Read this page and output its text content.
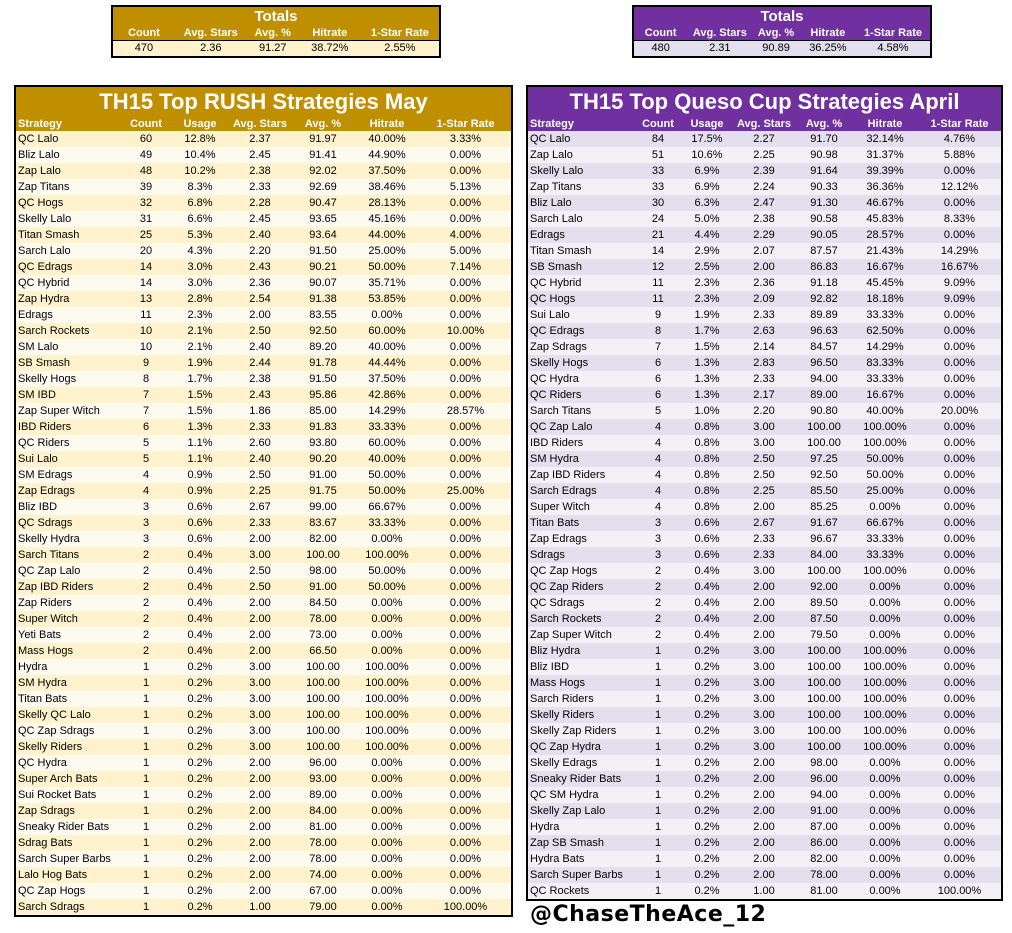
Totals
Count	Avg. Stars	Avg. %	Hitrate	1-Star Rate
470	2.36	91.27	38.72%	2.55%
Totals
Count	Avg. Stars	Avg. %	Hitrate	1-Star Rate
480	2.31	90.89	36.25%	4.58%
TH15 Top RUSH Strategies May
Strategy	Count	Usage	Avg. Stars	Avg. %	Hitrate	1-Star Rate
QC Lalo	60	12.8%	2.37	91.97	40.00%	3.33%
Bliz Lalo	49	10.4%	2.45	91.41	44.90%	0.00%
Zap Lalo	48	10.2%	2.38	92.02	37.50%	0.00%
Zap Titans	39	8.3%	2.33	92.69	38.46%	5.13%
QC Hogs	32	6.8%	2.28	90.47	28.13%	0.00%
Skelly Lalo	31	6.6%	2.45	93.65	45.16%	0.00%
Titan Smash	25	5.3%	2.40	93.64	44.00%	4.00%
Sarch Lalo	20	4.3%	2.20	91.50	25.00%	5.00%
QC Edrags	14	3.0%	2.43	90.21	50.00%	7.14%
QC Hybrid	14	3.0%	2.36	90.07	35.71%	0.00%
Zap Hydra	13	2.8%	2.54	91.38	53.85%	0.00%
Edrags	11	2.3%	2.00	83.55	0.00%	0.00%
Sarch Rockets	10	2.1%	2.50	92.50	60.00%	10.00%
SM Lalo	10	2.1%	2.40	89.20	40.00%	0.00%
SB Smash	9	1.9%	2.44	91.78	44.44%	0.00%
Skelly Hogs	8	1.7%	2.38	91.50	37.50%	0.00%
SM IBD	7	1.5%	2.43	95.86	42.86%	0.00%
Zap Super Witch	7	1.5%	1.86	85.00	14.29%	28.57%
IBD Riders	6	1.3%	2.33	91.83	33.33%	0.00%
QC Riders	5	1.1%	2.60	93.80	60.00%	0.00%
Sui Lalo	5	1.1%	2.40	90.20	40.00%	0.00%
SM Edrags	4	0.9%	2.50	91.00	50.00%	0.00%
Zap Edrags	4	0.9%	2.25	91.75	50.00%	25.00%
Bliz IBD	3	0.6%	2.67	99.00	66.67%	0.00%
QC Sdrags	3	0.6%	2.33	83.67	33.33%	0.00%
Skelly Hydra	3	0.6%	2.00	82.00	0.00%	0.00%
Sarch Titans	2	0.4%	3.00	100.00	100.00%	0.00%
QC Zap Lalo	2	0.4%	2.50	98.00	50.00%	0.00%
Zap IBD Riders	2	0.4%	2.50	91.00	50.00%	0.00%
Zap Riders	2	0.4%	2.00	84.50	0.00%	0.00%
Super Witch	2	0.4%	2.00	78.00	0.00%	0.00%
Yeti Bats	2	0.4%	2.00	73.00	0.00%	0.00%
Mass Hogs	2	0.4%	2.00	66.50	0.00%	0.00%
Hydra	1	0.2%	3.00	100.00	100.00%	0.00%
SM Hydra	1	0.2%	3.00	100.00	100.00%	0.00%
Titan Bats	1	0.2%	3.00	100.00	100.00%	0.00%
Skelly QC Lalo	1	0.2%	3.00	100.00	100.00%	0.00%
QC Zap Sdrags	1	0.2%	3.00	100.00	100.00%	0.00%
Skelly Riders	1	0.2%	3.00	100.00	100.00%	0.00%
QC Hydra	1	0.2%	2.00	96.00	0.00%	0.00%
Super Arch Bats	1	0.2%	2.00	93.00	0.00%	0.00%
Sui Rocket Bats	1	0.2%	2.00	89.00	0.00%	0.00%
Zap Sdrags	1	0.2%	2.00	84.00	0.00%	0.00%
Sneaky Rider Bats	1	0.2%	2.00	81.00	0.00%	0.00%
Sdrag Bats	1	0.2%	2.00	78.00	0.00%	0.00%
Sarch Super Barbs	1	0.2%	2.00	78.00	0.00%	0.00%
Lalo Hog Bats	1	0.2%	2.00	74.00	0.00%	0.00%
QC Zap Hogs	1	0.2%	2.00	67.00	0.00%	0.00%
Sarch Sdrags	1	0.2%	1.00	79.00	0.00%	100.00%
TH15 Top Queso Cup Strategies April
Strategy	Count	Usage	Avg. Stars	Avg. %	Hitrate	1-Star Rate
QC Lalo	84	17.5%	2.27	91.70	32.14%	4.76%
Zap Lalo	51	10.6%	2.25	90.98	31.37%	5.88%
Skelly Lalo	33	6.9%	2.39	91.64	39.39%	0.00%
Zap Titans	33	6.9%	2.24	90.33	36.36%	12.12%
Bliz Lalo	30	6.3%	2.47	91.30	46.67%	0.00%
Sarch Lalo	24	5.0%	2.38	90.58	45.83%	8.33%
Edrags	21	4.4%	2.29	90.05	28.57%	0.00%
Titan Smash	14	2.9%	2.07	87.57	21.43%	14.29%
SB Smash	12	2.5%	2.00	86.83	16.67%	16.67%
QC Hybrid	11	2.3%	2.36	91.18	45.45%	9.09%
QC Hogs	11	2.3%	2.09	92.82	18.18%	9.09%
Sui Lalo	9	1.9%	2.33	89.89	33.33%	0.00%
QC Edrags	8	1.7%	2.63	96.63	62.50%	0.00%
Zap Sdrags	7	1.5%	2.14	84.57	14.29%	0.00%
Skelly Hogs	6	1.3%	2.83	96.50	83.33%	0.00%
QC Hydra	6	1.3%	2.33	94.00	33.33%	0.00%
QC Riders	6	1.3%	2.17	89.00	16.67%	0.00%
Sarch Titans	5	1.0%	2.20	90.80	40.00%	20.00%
QC Zap Lalo	4	0.8%	3.00	100.00	100.00%	0.00%
IBD Riders	4	0.8%	3.00	100.00	100.00%	0.00%
SM Hydra	4	0.8%	2.50	97.25	50.00%	0.00%
Zap IBD Riders	4	0.8%	2.50	92.50	50.00%	0.00%
Sarch Edrags	4	0.8%	2.25	85.50	25.00%	0.00%
Super Witch	4	0.8%	2.00	85.25	0.00%	0.00%
Titan Bats	3	0.6%	2.67	91.67	66.67%	0.00%
Zap Edrags	3	0.6%	2.33	96.67	33.33%	0.00%
Sdrags	3	0.6%	2.33	84.00	33.33%	0.00%
QC Zap Hogs	2	0.4%	3.00	100.00	100.00%	0.00%
QC Zap Riders	2	0.4%	2.00	92.00	0.00%	0.00%
QC Sdrags	2	0.4%	2.00	89.50	0.00%	0.00%
Sarch Rockets	2	0.4%	2.00	87.50	0.00%	0.00%
Zap Super Witch	2	0.4%	2.00	79.50	0.00%	0.00%
Bliz Hydra	1	0.2%	3.00	100.00	100.00%	0.00%
Bliz IBD	1	0.2%	3.00	100.00	100.00%	0.00%
Mass Hogs	1	0.2%	3.00	100.00	100.00%	0.00%
Sarch Riders	1	0.2%	3.00	100.00	100.00%	0.00%
Skelly Riders	1	0.2%	3.00	100.00	100.00%	0.00%
Skelly Zap Riders	1	0.2%	3.00	100.00	100.00%	0.00%
QC Zap Hydra	1	0.2%	3.00	100.00	100.00%	0.00%
Skelly Edrags	1	0.2%	2.00	98.00	0.00%	0.00%
Sneaky Rider Bats	1	0.2%	2.00	96.00	0.00%	0.00%
QC SM Hydra	1	0.2%	2.00	94.00	0.00%	0.00%
Skelly Zap Lalo	1	0.2%	2.00	91.00	0.00%	0.00%
Hydra	1	0.2%	2.00	87.00	0.00%	0.00%
Zap SB Smash	1	0.2%	2.00	86.00	0.00%	0.00%
Hydra Bats	1	0.2%	2.00	82.00	0.00%	0.00%
Sarch Super Barbs	1	0.2%	2.00	78.00	0.00%	0.00%
QC Rockets	1	0.2%	1.00	81.00	0.00%	100.00%
@ChaseTheAce_12
